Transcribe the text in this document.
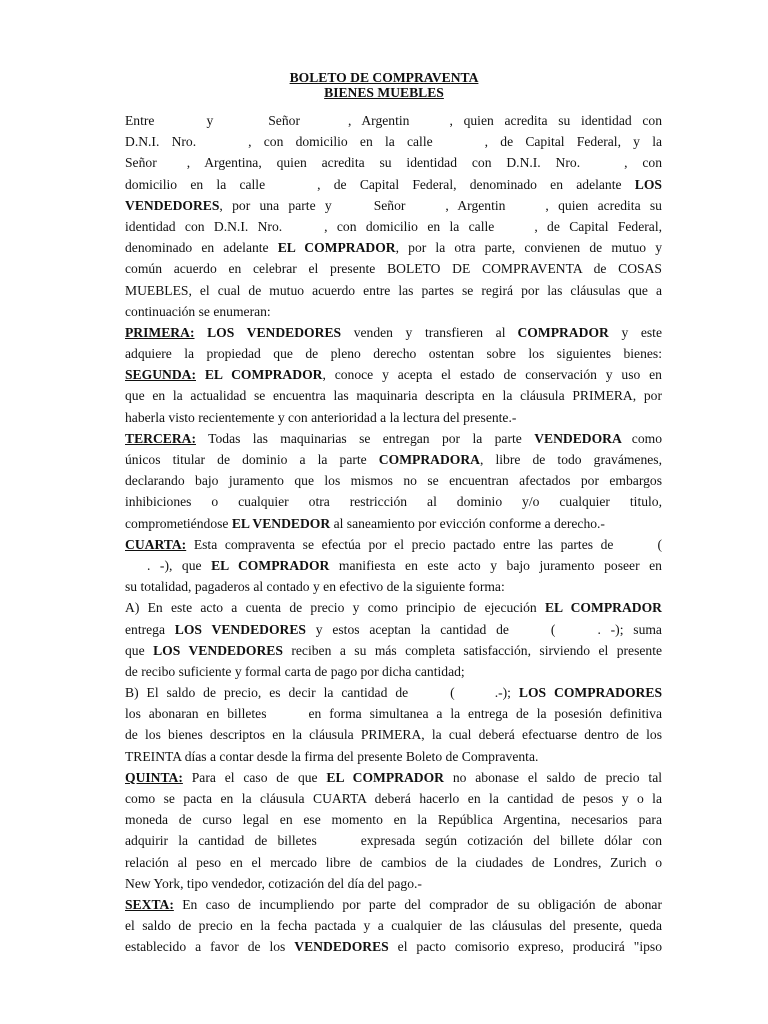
BOLETO DE COMPRAVENTA
BIENES MUEBLES
Entre	y	Señor	, Argentin	, quien acredita su identidad con
D.N.I. Nro.	, con domicilio en la calle	, de Capital Federal, y la
Señor , Argentina, quien acredita su identidad con D.N.I. Nro.	, con
domicilio en la calle	, de Capital Federal, denominado en adelante LOS
VENDEDORES, por una parte y	Señor	, Argentin	, quien acredita su
identidad con D.N.I. Nro.	, con domicilio en la calle	, de Capital Federal,
denominado en adelante EL COMPRADOR, por la otra parte, convienen de mutuo y
común acuerdo en celebrar el presente BOLETO DE COMPRAVENTA de COSAS
MUEBLES, el cual de mutuo acuerdo entre las partes se regirá por las cláusulas que a
continuación se enumeran:
PRIMERA: LOS VENDEDORES venden y transfieren al COMPRADOR y este
adquiere la propiedad que de pleno derecho ostentan sobre los siguientes bienes:
SEGUNDA: EL COMPRADOR, conoce y acepta el estado de conservación y uso en
que en la actualidad se encuentra las maquinaria descripta en la cláusula PRIMERA, por
haberla visto recientemente y con anterioridad a la lectura del presente.-
TERCERA: Todas las maquinarias se entregan por la parte VENDEDORA como
únicos titular de dominio a la parte COMPRADORA, libre de todo gravámenes,
declarando bajo juramento que los mismos no se encuentran afectados por embargos
inhibiciones o cualquier otra restricción al dominio y/o cualquier titulo,
comprometiéndose EL VENDEDOR al saneamiento por evicción conforme a derecho.-
CUARTA: Esta compraventa se efectúa por el precio pactado entre las partes de	(
. -), que EL COMPRADOR manifiesta en este acto y bajo juramento poseer en
su totalidad, pagaderos al contado y en efectivo de la siguiente forma:
A) En este acto a cuenta de precio y como principio de ejecución EL COMPRADOR
entrega LOS VENDEDORES y estos aceptan la cantidad de	(	. -); suma
que LOS VENDEDORES reciben a su más completa satisfacción, sirviendo el presente
de recibo suficiente y formal carta de pago por dicha cantidad;
B) El saldo de precio, es decir la cantidad de	(	.-); LOS COMPRADORES
los abonaran en billetes	en forma simultanea a la entrega de la posesión definitiva
de los bienes descriptos en la cláusula PRIMERA, la cual deberá efectuarse dentro de los
TREINTA días a contar desde la firma del presente Boleto de Compraventa.
QUINTA: Para el caso de que EL COMPRADOR no abonase el saldo de precio tal
como se pacta en la cláusula CUARTA deberá hacerlo en la cantidad de pesos y o la
moneda de curso legal en ese momento en la República Argentina, necesarios para
adquirir la cantidad de billetes	expresada según cotización del billete dólar con
relación al peso en el mercado libre de cambios de la ciudades de Londres, Zurich o
New York, tipo vendedor, cotización del día del pago.-
SEXTA: En caso de incumpliendo por parte del comprador de su obligación de abonar
el saldo de precio en la fecha pactada y a cualquier de las cláusulas del presente, queda
establecido a favor de los VENDEDORES el pacto comisorio expreso, producirá "ipso
